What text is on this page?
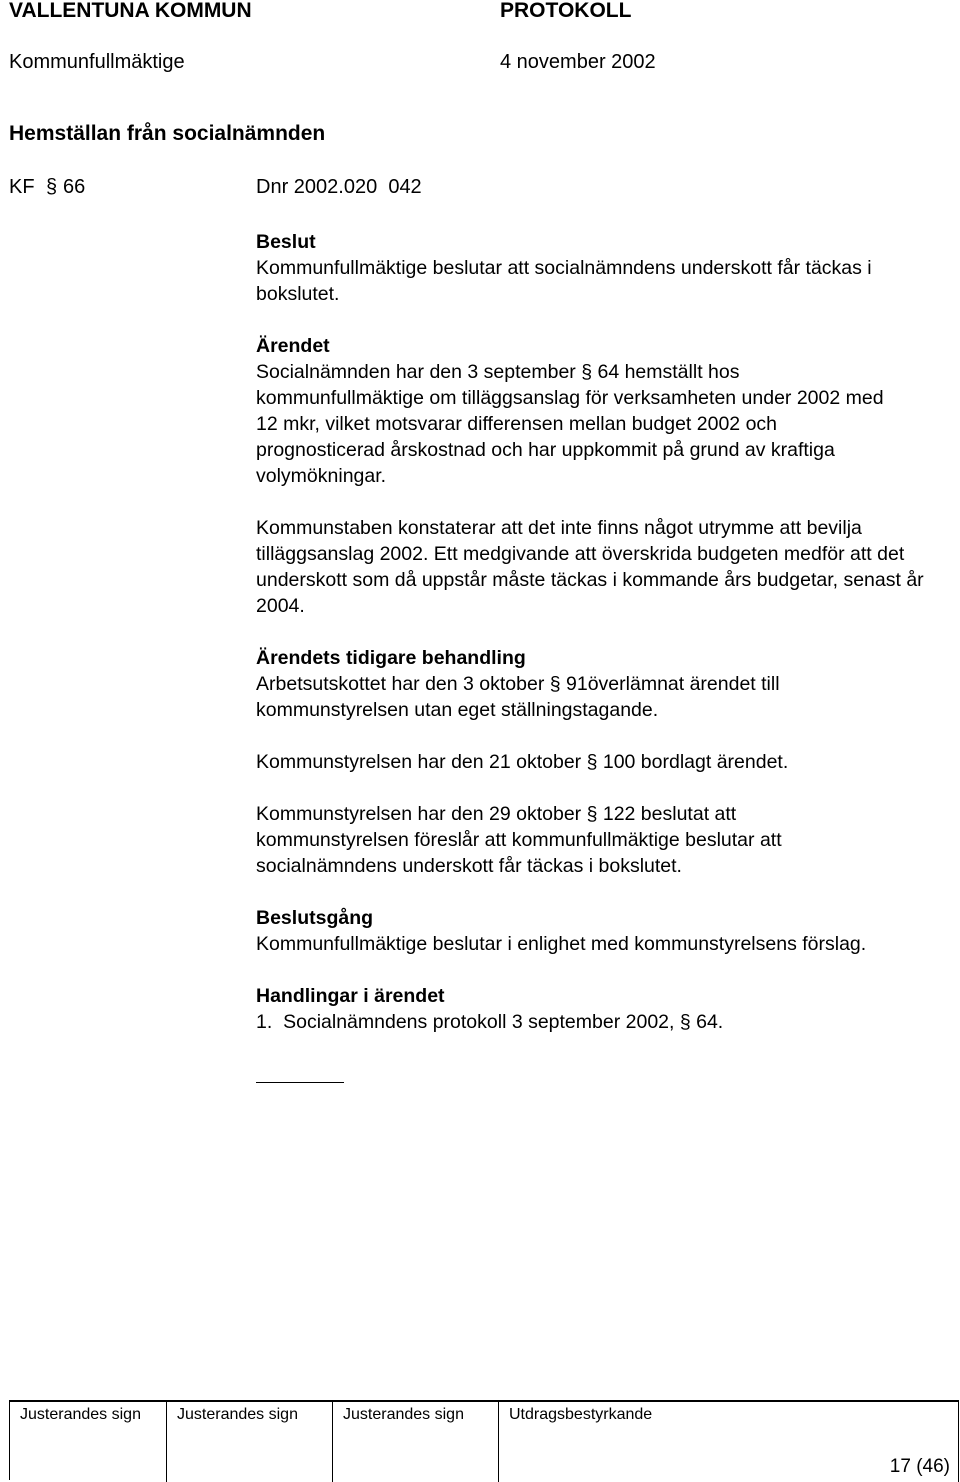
VALLENTUNA KOMMUN	PROTOKOLL
Kommunfullmäktige	4 november 2002
Hemställan från socialnämnden
KF § 66	Dnr 2002.020  042

Beslut

Kommunfullmäktige beslutar att socialnämndens underskott får täckas i bokslutet.

Ärendet

Socialnämnden har den 3 september § 64 hemställt hos kommunfullmäktige om tilläggsanslag för verksamheten under 2002 med 12 mkr, vilket motsvarar differensen mellan budget 2002 och prognosticerad årskostnad och har uppkommit på grund av kraftiga volymökningar.

Kommunstaben konstaterar att det inte finns något utrymme att bevilja tilläggsanslag 2002. Ett medgivande att överskrida budgeten medför att det underskott som då uppstår måste täckas i kommande års budgetar, senast år 2004.

Ärendets tidigare behandling

Arbetsutskottet har den 3 oktober § 91överlämnat ärendet till kommunstyrelsen utan eget ställningstagande.

Kommunstyrelsen har den 21 oktober § 100 bordlagt ärendet.

Kommunstyrelsen har den 29 oktober § 122 beslutat att kommunstyrelsen föreslår att kommunfullmäktige beslutar att socialnämndens underskott får täckas i bokslutet.

Beslutsgång

Kommunfullmäktige beslutar i enlighet med kommunstyrelsens förslag.

Handlingar i ärendet

1.  Socialnämndens protokoll 3 september 2002, § 64.

Justerandes sign Justerandes sign	Justerandes sign	Utdragsbestyrkande
17 (46)
